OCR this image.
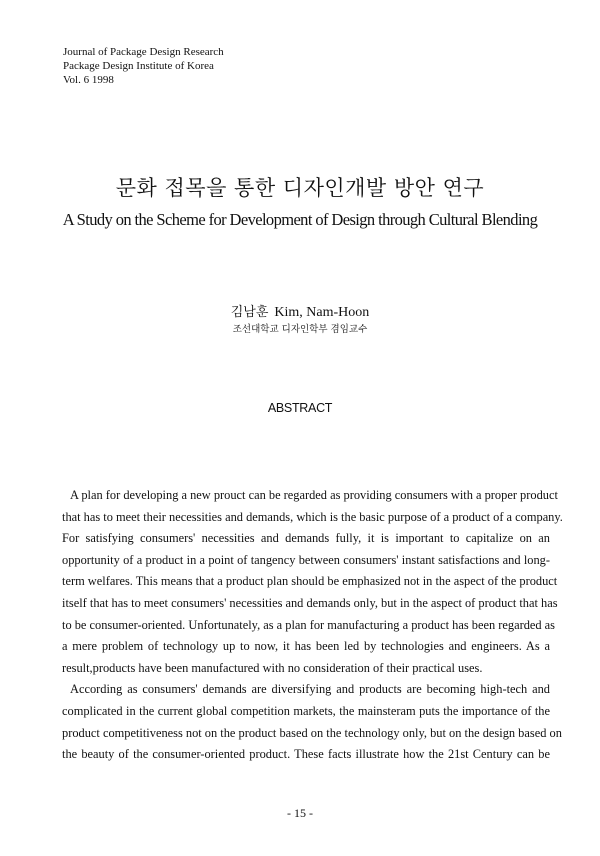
Journal of Package Design Research
Package Design Institute of Korea
Vol. 6 1998
문화 접목을 통한 디자인개발 방안 연구
A Study on the Scheme for Development of Design through Cultural Blending
김남훈 Kim, Nam-Hoon
조선대학교 디자인학부 겸임교수
ABSTRACT
A plan for developing a new prouct can be regarded as providing consumers with a proper product
that has to meet their necessities and demands, which is the basic purpose of a product of a company.
For satisfying consumers' necessities and demands fully, it is important to capitalize on an
opportunity of a product in a point of tangency between consumers' instant satisfactions and long-
term welfares. This means that a product plan should be emphasized not in the aspect of the product
itself that has to meet consumers' necessities and demands only, but in the aspect of product that has
to be consumer-oriented. Unfortunately, as a plan for manufacturing a product has been regarded as
a mere problem of technology up to now, it has been led by technologies and engineers. As a
result,products have been manufactured with no consideration of their practical uses.
According as consumers' demands are diversifying and products are becoming high-tech and
complicated in the current global competition markets, the mainsteram puts the importance of the
product competitiveness not on the product based on the technology only, but on the design based on
the beauty of the consumer-oriented product. These facts illustrate how the 21st Century can be
- 15 -
